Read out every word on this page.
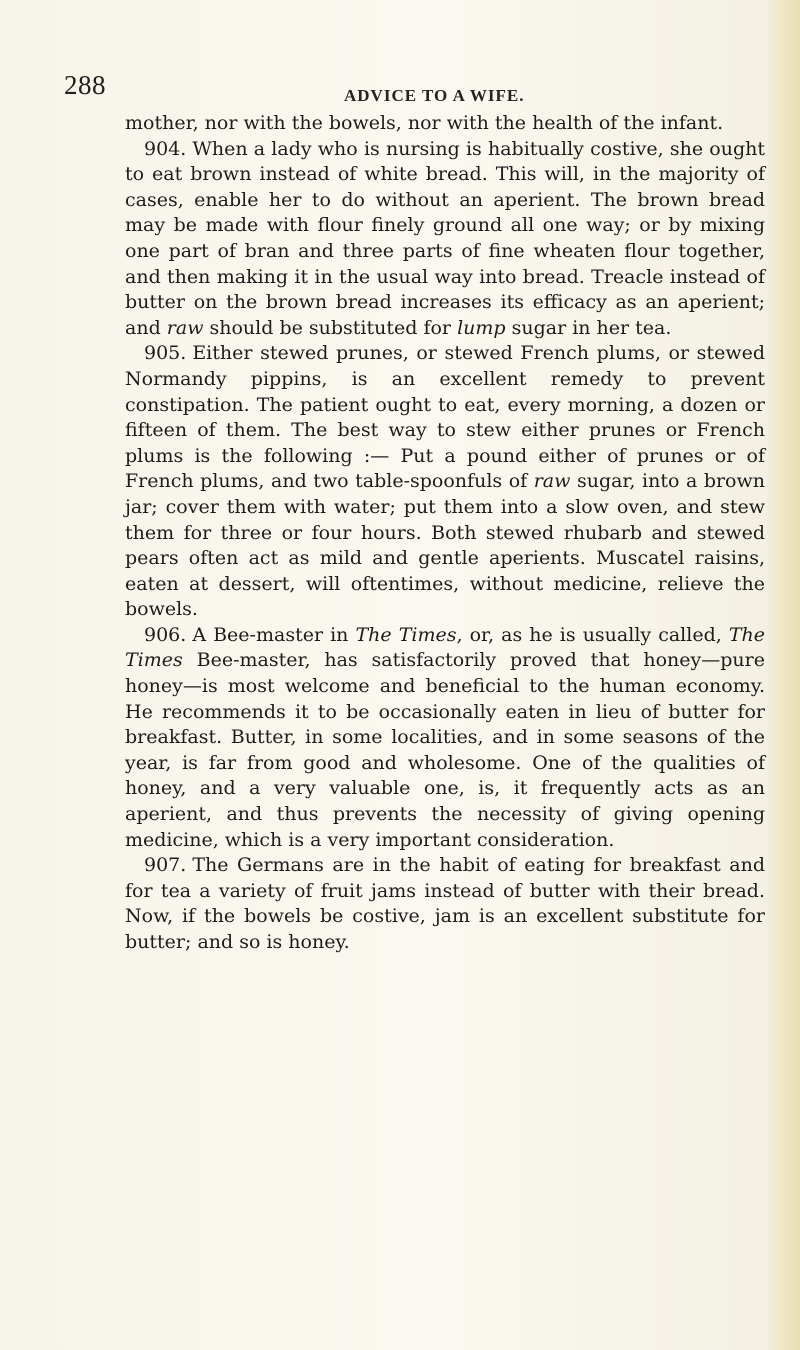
288	ADVICE TO A WIFE.

mother, nor with the bowels, nor with the health of the infant.

904. When a lady who is nursing is habitually costive, she ought to eat brown instead of white bread. This will, in the majority of cases, enable her to do without an aperient. The brown bread may be made with flour finely ground all one way; or by mixing one part of bran and three parts of fine wheaten flour together, and then making it in the usual way into bread. Treacle instead of butter on the brown bread increases its efficacy as an aperient; and raw should be substituted for lump sugar in her tea.

905. Either stewed prunes, or stewed French plums, or stewed Normandy pippins, is an excellent remedy to prevent constipation. The patient ought to eat, every morning, a dozen or fifteen of them. The best way to stew either prunes or French plums is the following :— Put a pound either of prunes or of French plums, and two table-spoonfuls of raw sugar, into a brown jar; cover them with water; put them into a slow oven, and stew them for three or four hours. Both stewed rhubarb and stewed pears often act as mild and gentle aperients. Muscatel raisins, eaten at dessert, will oftentimes, without medicine, relieve the bowels.

906. A Bee-master in The Times, or, as he is usually called, The Times Bee-master, has satisfactorily proved that honey—pure honey—is most welcome and beneficial to the human economy. He recommends it to be occasionally eaten in lieu of butter for breakfast. Butter, in some localities, and in some seasons of the year, is far from good and wholesome. One of the qualities of honey, and a very valuable one, is, it frequently acts as an aperient, and thus prevents the necessity of giving opening medicine, which is a very important consideration.

907. The Germans are in the habit of eating for breakfast and for tea a variety of fruit jams instead of butter with their bread. Now, if the bowels be costive, jam is an excellent substitute for butter; and so is honey.
